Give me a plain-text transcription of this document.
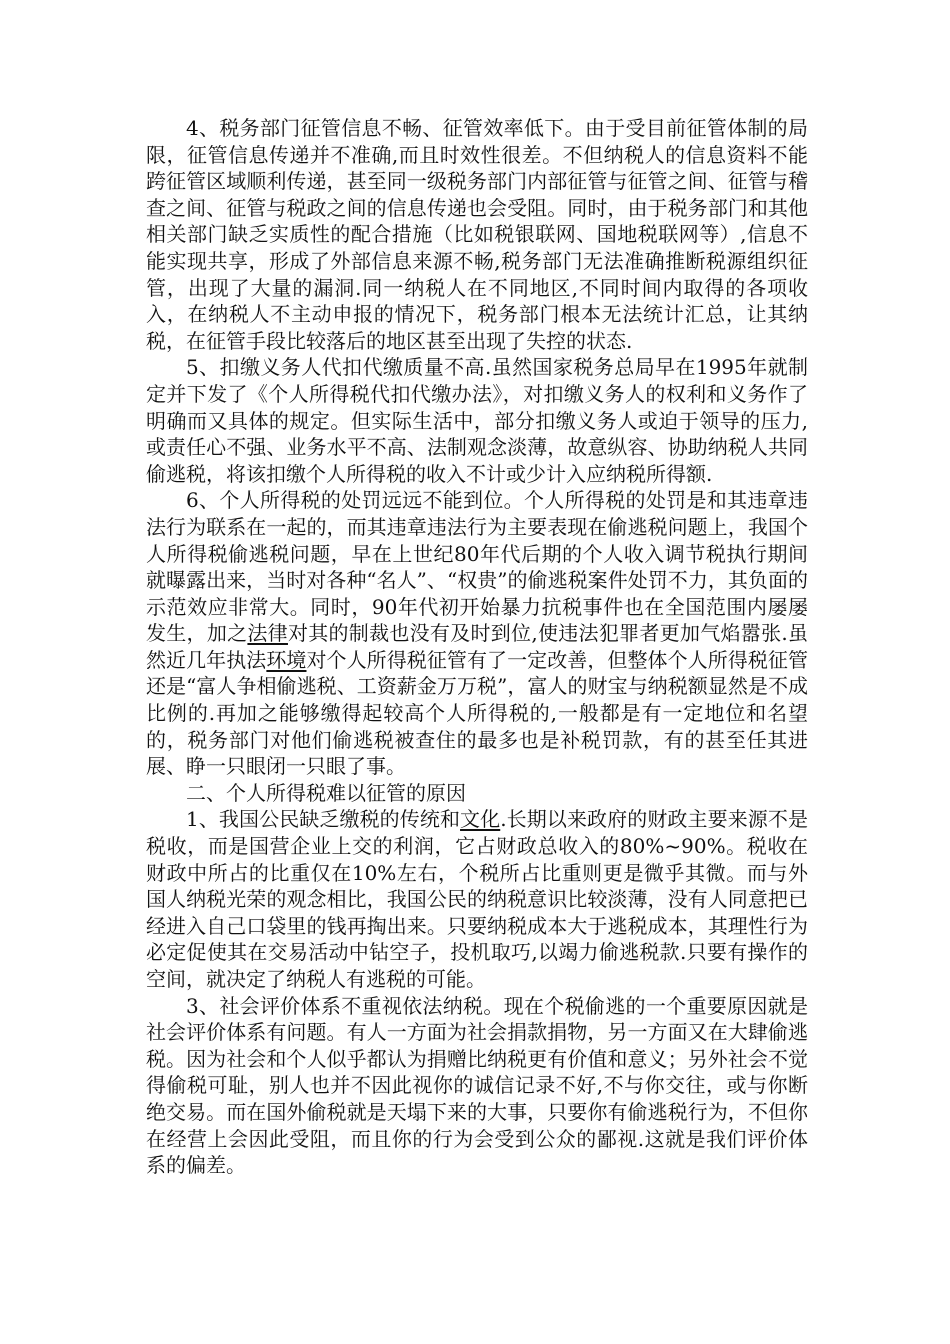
4、税务部门征管信息不畅、征管效率低下。由于受目前征管体制的局限，征管信息传递并不准确,而且时效性很差。不但纳税人的信息资料不能跨征管区域顺利传递，甚至同一级税务部门内部征管与征管之间、征管与稽查之间、征管与税政之间的信息传递也会受阻。同时，由于税务部门和其他相关部门缺乏实质性的配合措施（比如税银联网、国地税联网等）,信息不能实现共享，形成了外部信息来源不畅,税务部门无法准确推断税源组织征管，出现了大量的漏洞.同一纳税人在不同地区,不同时间内取得的各项收入，在纳税人不主动申报的情况下，税务部门根本无法统计汇总，让其纳税，在征管手段比较落后的地区甚至出现了失控的状态.

5、扣缴义务人代扣代缴质量不高.虽然国家税务总局早在1995年就制定并下发了《个人所得税代扣代缴办法》，对扣缴义务人的权利和义务作了明确而又具体的规定。但实际生活中，部分扣缴义务人或迫于领导的压力,或责任心不强、业务水平不高、法制观念淡薄，故意纵容、协助纳税人共同偷逃税，将该扣缴个人所得税的收入不计或少计入应纳税所得额.

6、个人所得税的处罚远远不能到位。个人所得税的处罚是和其违章违法行为联系在一起的，而其违章违法行为主要表现在偷逃税问题上，我国个人所得税偷逃税问题，早在上世纪80年代后期的个人收入调节税执行期间就曝露出来，当时对各种“名人”、“权贵”的偷逃税案件处罚不力，其负面的示范效应非常大。同时，90年代初开始暴力抗税事件也在全国范围内屡屡发生，加之法律对其的制裁也没有及时到位,使违法犯罪者更加气焰嚣张.虽然近几年执法环境对个人所得税征管有了一定改善，但整体个人所得税征管还是“富人争相偷逃税、工资薪金万万税”，富人的财宝与纳税额显然是不成比例的.再加之能够缴得起较高个人所得税的,一般都是有一定地位和名望的，税务部门对他们偷逃税被查住的最多也是补税罚款，有的甚至任其进展、睁一只眼闭一只眼了事。

二、个人所得税难以征管的原因

1、我国公民缺乏缴税的传统和文化.长期以来政府的财政主要来源不是税收，而是国营企业上交的利润，它占财政总收入的80%~90%。税收在财政中所占的比重仅在10%左右，个税所占比重则更是微乎其微。而与外国人纳税光荣的观念相比，我国公民的纳税意识比较淡薄，没有人同意把已经进入自己口袋里的钱再掏出来。只要纳税成本大于逃税成本，其理性行为必定促使其在交易活动中钻空子，投机取巧,以竭力偷逃税款.只要有操作的空间，就决定了纳税人有逃税的可能。

3、社会评价体系不重视依法纳税。现在个税偷逃的一个重要原因就是社会评价体系有问题。有人一方面为社会捐款捐物，另一方面又在大肆偷逃税。因为社会和个人似乎都认为捐赠比纳税更有价值和意义；另外社会不觉得偷税可耻，别人也并不因此视你的诚信记录不好,不与你交往，或与你断绝交易。而在国外偷税就是天塌下来的大事，只要你有偷逃税行为，不但你在经营上会因此受阻，而且你的行为会受到公众的鄙视.这就是我们评价体系的偏差。
